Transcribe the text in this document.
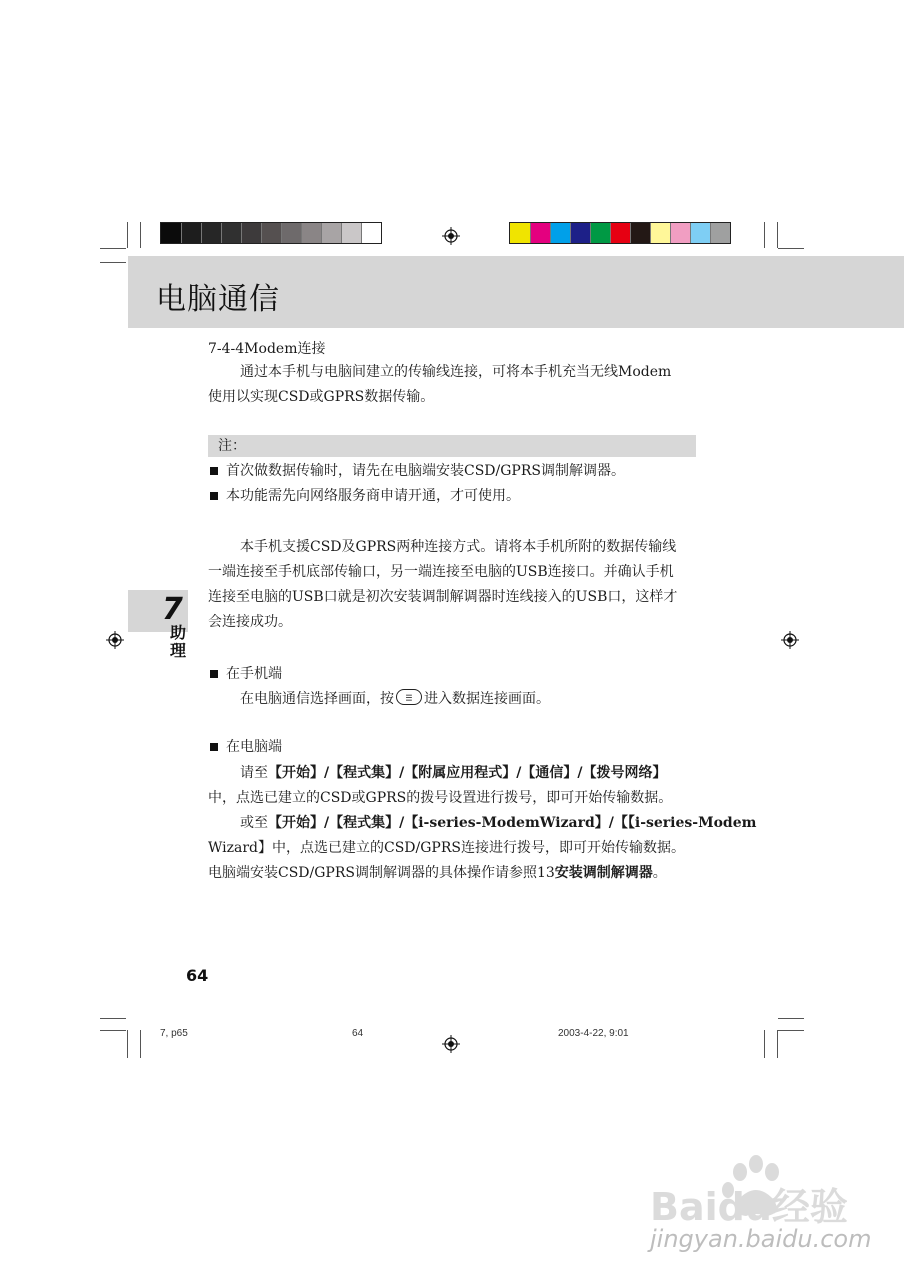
电脑通信
7-4-4Modem连接
通过本手机与电脑间建立的传输线连接，可将本手机充当无线Modem
使用以实现CSD或GPRS数据传输。
注：
首次做数据传输时，请先在电脑端安装CSD/GPRS调制解调器。
本功能需先向网络服务商申请开通，才可使用。
本手机支援CSD及GPRS两种连接方式。请将本手机所附的数据传输线
一端连接至手机底部传输口，另一端连接至电脑的USB连接口。并确认手机
连接至电脑的USB口就是初次安装调制解调器时连线接入的USB口，这样才
会连接成功。
7
助
理
在手机端
在电脑通信选择画面，按 ☰ 进入数据连接画面。
在电脑端
请至【开始】/【程式集】/【附属应用程式】/【通信】/【拨号网络】
中，点选已建立的CSD或GPRS的拨号设置进行拨号，即可开始传输数据。
或至【开始】/【程式集】/【i-series-ModemWizard】/【【i-series-Modem
Wizard】中，点选已建立的CSD/GPRS连接进行拨号，即可开始传输数据。
电脑端安装CSD/GPRS调制解调器的具体操作请参照13安装调制解调器。
64
7, p65	64	2003-4-22, 9:01
Baidu经验
jingyan.baidu.com
